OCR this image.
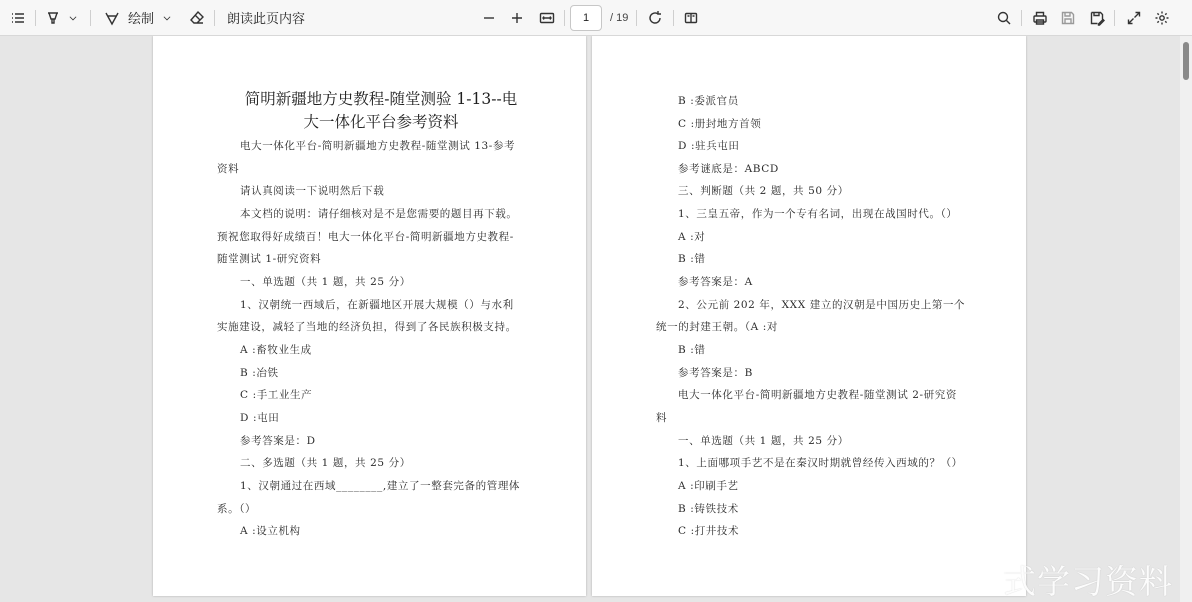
绘制	朗读此页内容	1	/ 19
简明新疆地方史教程-随堂测验 1-13--电
大一体化平台参考资料
电大一体化平台-简明新疆地方史教程-随堂测试 13-参考
资料
请认真阅读一下说明然后下载
本文档的说明：请仔细核对是不是您需要的题目再下载。
预祝您取得好成绩百！电大一体化平台-简明新疆地方史教程-
随堂测试 1-研究资料
一、单选题（共 1 题，共 25 分）
1、汉朝统一西域后，在新疆地区开展大规模（）与水利
实施建设，减轻了当地的经济负担，得到了各民族积极支持。
A :畜牧业生成
B :冶铁
C :手工业生产
D :屯田
参考答案是：D
二、多选题（共 1 题，共 25 分）
1、汉朝通过在西域________,建立了一整套完备的管理体
系。（）
A :设立机构
B :委派官员
C :册封地方首领
D :驻兵屯田
参考谜底是：ABCD
三、判断题（共 2 题，共 50 分）
1、三皇五帝，作为一个专有名词，出现在战国时代。（）
A :对
B :错
参考答案是：A
2、公元前 202 年，XXX 建立的汉朝是中国历史上第一个
统一的封建王朝。（A :对
B :错
参考答案是：B
电大一体化平台-简明新疆地方史教程-随堂测试 2-研究资
料
一、单选题（共 1 题，共 25 分）
1、上面哪项手艺不是在秦汉时期就曾经传入西域的？（）
A :印刷手艺
B :铸铁技术
C :打井技术
式学习资料
